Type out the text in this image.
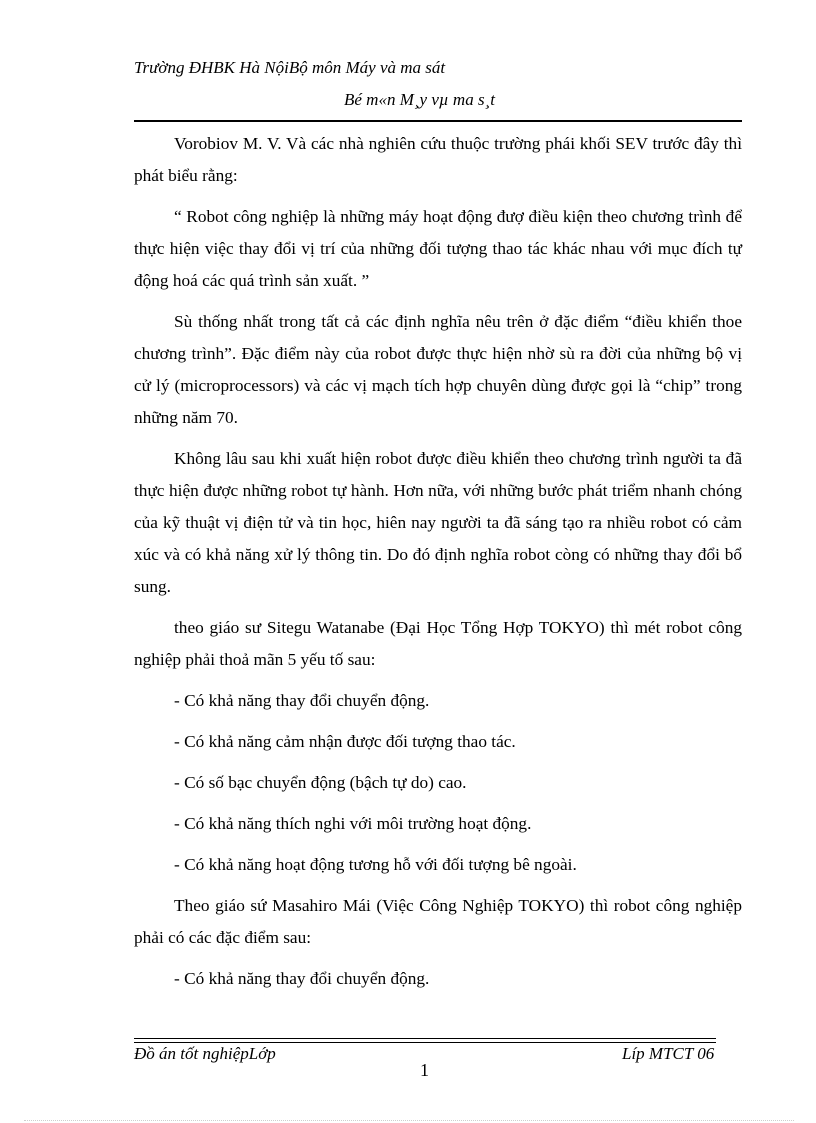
Trường ĐHBK Hà NộiBộ môn Máy và ma sát
Bé m«n M¸y vµ ma s¸t

Vorobiov M. V. Và các nhà nghiên cứu thuộc trường phái khối SEV trước đây thì phát biểu rằng:

“ Robot công nghiệp là những máy hoạt động đượ điều kiện theo chương trình để thực hiện việc thay đổi vị trí của những đối tượng thao tác khác nhau với mục đích tự động hoá các quá trình sản xuất. ”

Sù thống nhất trong tất cả các định nghĩa nêu trên ở đặc điểm “điều khiển thoe chương trình”. Đặc điểm này của robot được thực hiện nhờ sù ra đời của những bộ vị cử lý (microprocessors) và các vị mạch tích hợp chuyên dùng được gọi là “chip” trong những năm 70.

Không lâu sau khi xuất hiện robot được điều khiển theo chương trình người ta đã thực hiện được những robot tự hành. Hơn nữa, với những bước phát triểm nhanh chóng của kỹ thuật vị điện tử và tin học, hiên nay người ta đã sáng tạo ra nhiều robot có cảm xúc và có khả năng xử lý thông tin. Do đó định nghĩa robot còng có những thay đổi bổ sung.

theo giáo sư Sitegu Watanabe (Đại Học Tổng Hợp TOKYO) thì mét robot công nghiệp phải thoả mãn 5 yếu tố sau:

- Có khả năng thay đổi chuyển động.

- Có khả năng cảm nhận được đối tượng thao tác.

- Có số bạc chuyển động (bậch tự do) cao.

- Có khả năng thích nghi với môi trường hoạt động.

- Có khả năng hoạt động tương hỗ với đối tượng bê ngoài.

Theo giáo sứ Masahiro Mái (Việc Công Nghiệp TOKYO) thì robot công nghiệp phải có các đặc điểm sau:

- Có khả năng thay đổi chuyển động.

Đồ án tốt nghiệpLớp	Líp MTCT 06
1
